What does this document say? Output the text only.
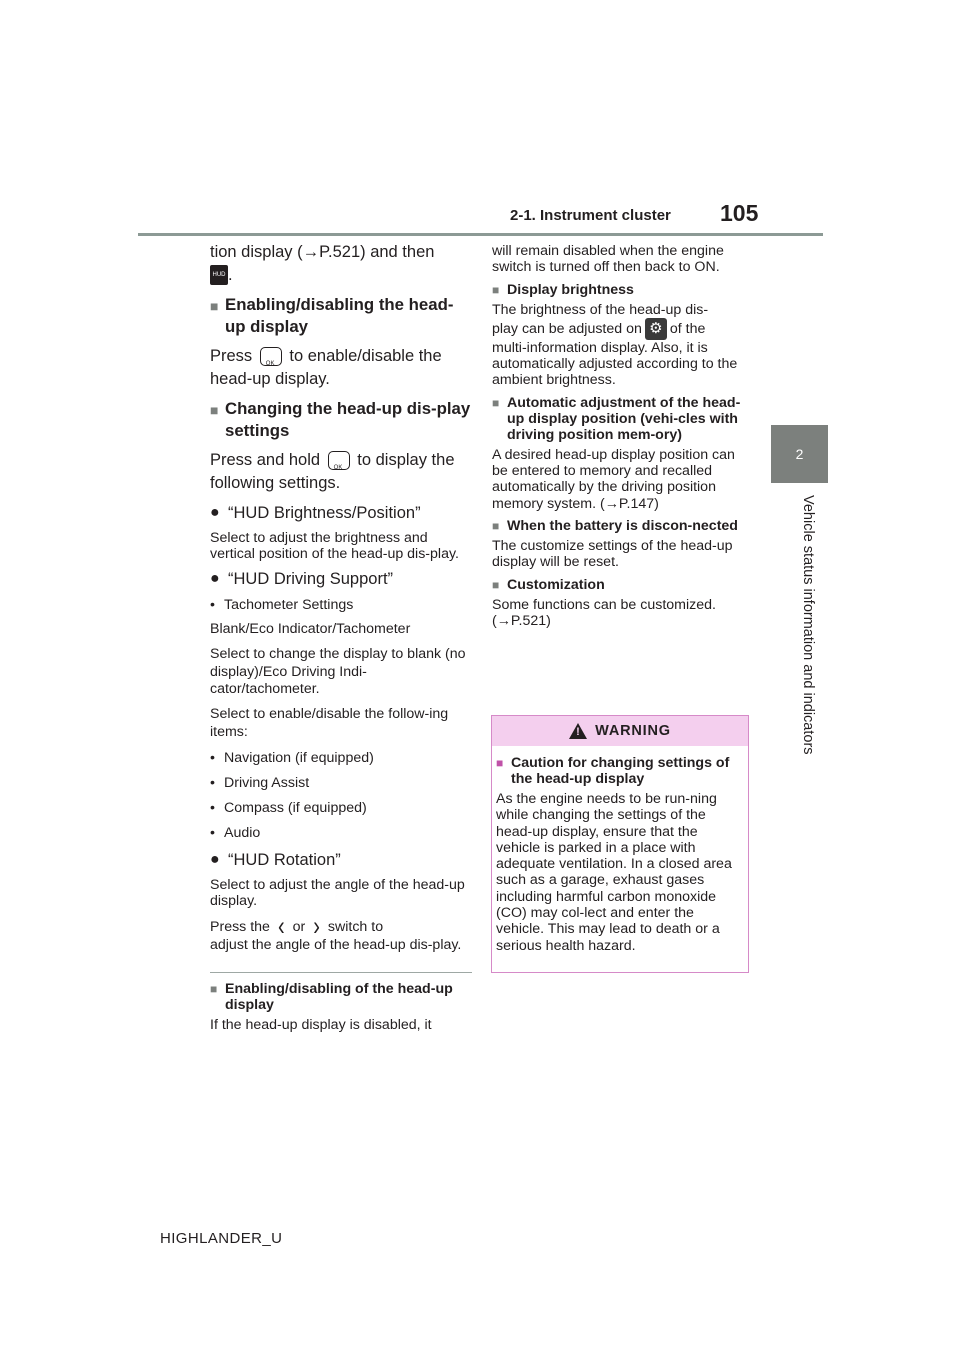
2-1. Instrument cluster 105
2
Vehicle status information and indicators
tion display (→P.521) and then
HUD .
■ Enabling/disabling the head-up display
Press OK to enable/disable the head-up display.
■ Changing the head-up dis-play settings
Press and hold OK to display the following settings.
● “HUD Brightness/Position”
Select to adjust the brightness and vertical position of the head-up dis-play.
● “HUD Driving Support”
• Tachometer Settings
Blank/Eco Indicator/Tachometer
Select to change the display to blank (no display)/Eco Driving Indi-cator/tachometer.
Select to enable/disable the follow-ing items:
• Navigation (if equipped)
• Driving Assist
• Compass (if equipped)
• Audio
● “HUD Rotation”
Select to adjust the angle of the head-up display.
Press the ‹ or › switch to
adjust the angle of the head-up dis-play.
■ Enabling/disabling of the head-up display
If the head-up display is disabled, it
will remain disabled when the engine switch is turned off then back to ON.
■ Display brightness
The brightness of the head-up dis-
play can be adjusted on ⚙ of the
multi-information display. Also, it is automatically adjusted according to the ambient brightness.
■ Automatic adjustment of the head-up display position (vehi-cles with driving position mem-ory)
A desired head-up display position can be entered to memory and recalled automatically by the driving position memory system. (→P.147)
■ When the battery is discon-nected
The customize settings of the head-up display will be reset.
■ Customization
Some functions can be customized. (→P.521)
! WARNING
■ Caution for changing settings of the head-up display
As the engine needs to be run-ning while changing the settings of the head-up display, ensure that the vehicle is parked in a place with adequate ventilation. In a closed area such as a garage, exhaust gases including harmful carbon monoxide (CO) may col-lect and enter the vehicle. This may lead to death or a serious health hazard.
HIGHLANDER_U
